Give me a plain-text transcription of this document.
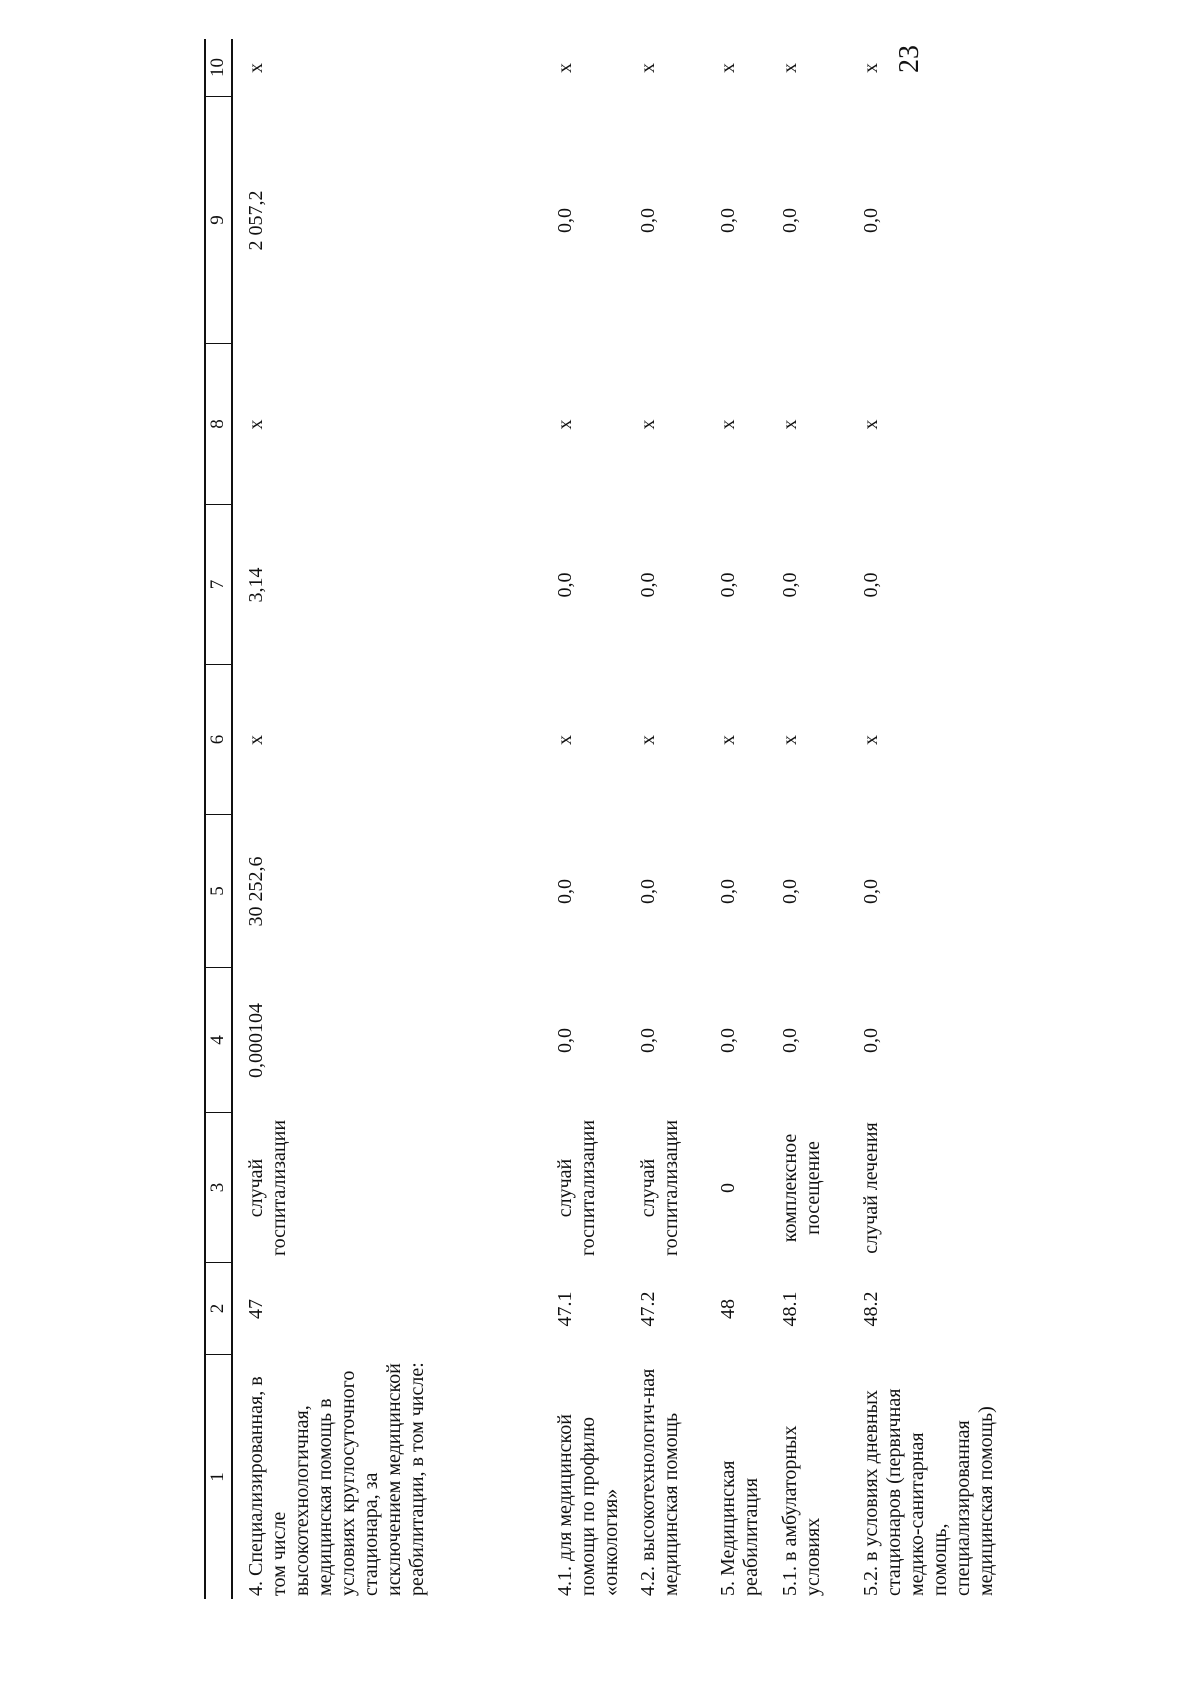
23
1
2
3
4
5
6
7
8
9
10
4. Специализированная, в том числе высокотехнологичная, медицинская помощь в условиях круглосуточного стационара, за исключением медицинской реабилитации, в том числе:
47
случай госпитализации
0,000104
30 252,6
х
3,14
х
2 057,2
х
4.1. для медицинской помощи по профилю «онкология»
47.1
случай госпитализации
0,0
0,0
х
0,0
х
0,0
х
4.2. высокотехнологич-ная медицинская помощь
47.2
случай госпитализации
0,0
0,0
х
0,0
х
0,0
х
5. Медицинская реабилитация
48
0
0,0
0,0
х
0,0
х
0,0
х
5.1. в амбулаторных условиях
48.1
комплексное посещение
0,0
0,0
х
0,0
х
0,0
х
5.2. в условиях дневных стационаров (первичная медико-санитарная помощь, специализированная медицинская помощь)
48.2
случай лечения
0,0
0,0
х
0,0
х
0,0
х
